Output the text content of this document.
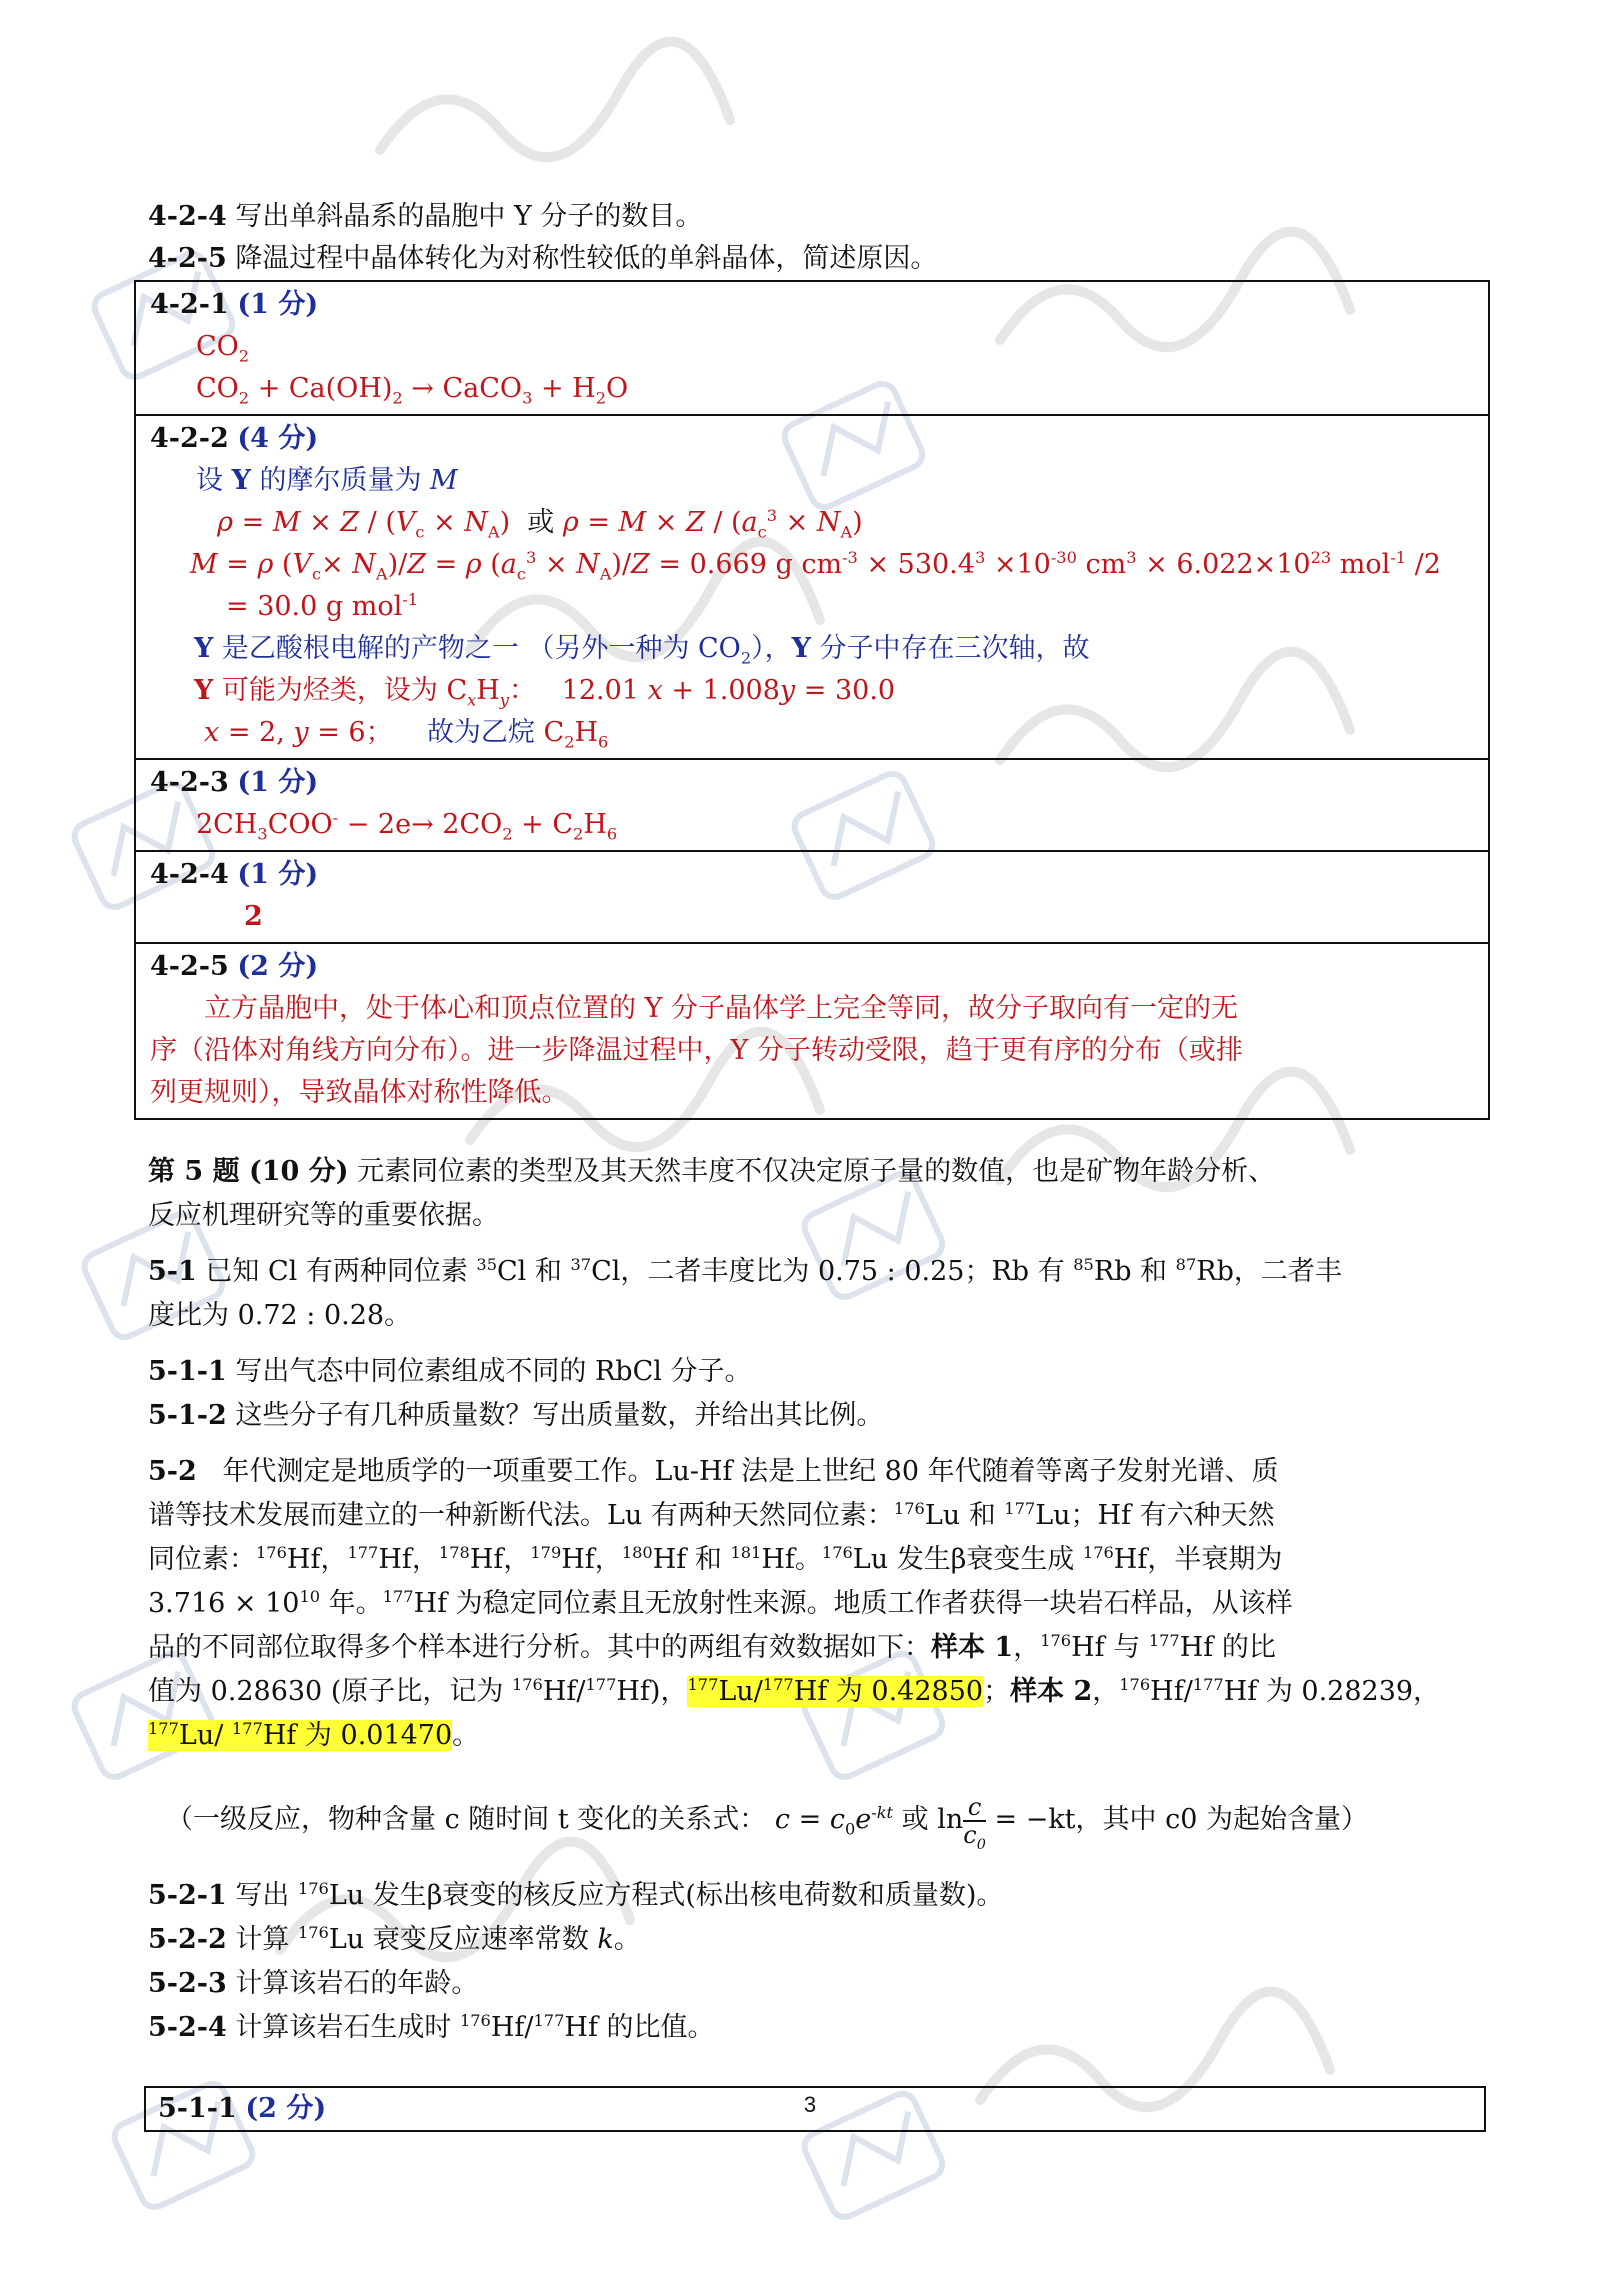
4-2-4 写出单斜晶系的晶胞中 Y 分子的数目。
4-2-5 降温过程中晶体转化为对称性较低的单斜晶体，简述原因。
4-2-1 (1 分)
$CO_2$
$CO_2 + Ca(OH)_2$ → CaCO$_3$ + $H_2O$
4-2-2 (4 分)
设 Y 的摩尔质量为 M
$\rho = M \times Z / (V_c \times N_A)$  或 $\rho = M \times Z / (a_c^3 \times N_A)$
M = ρ $(V_c\times N_A)/Z = \rho$ $(a_c^3 \times N_A)/Z = 0.669$ g $cm^{-3} \times 530.4^3 \times 10^{-30}$ $cm^3 \times 6.022\times 10^{23}$ mol$^{-1}$ /2
= 30.0 g mol$^{-1}$
Y 是乙酸根电解的产物之一 （另外一种为 $CO_2$），Y 分子中存在三次轴，故
Y 可能为烃类，设为 $C_xH_y$：   12.01 x + 1.008y = 30.0
x = 2, y = 6；    故为乙烷 $C_2H_6$
4-2-3 (1 分)
$2CH_3COO^- - 2e\to 2CO_2 + C_2H_6$
4-2-4 (1 分)
2
4-2-5 (2 分)
立方晶胞中，处于体心和顶点位置的 Y 分子晶体学上完全等同，故分子取向有一定的无
序（沿体对角线方向分布）。进一步降温过程中，Y 分子转动受限，趋于更有序的分布（或排
列更规则），导致晶体对称性降低。
第 5 题 (10 分) 元素同位素的类型及其天然丰度不仅决定原子量的数值，也是矿物年龄分析、
反应机理研究等的重要依据。
5-1 已知 Cl 有两种同位素 $^{35}$Cl 和 $^{37}$Cl，二者丰度比为 0.75 : 0.25；Rb 有 $^{85}$Rb 和 $^{87}$Rb，二者丰
度比为 0.72 : 0.28。
5-1-1 写出气态中同位素组成不同的 RbCl 分子。
5-1-2 这些分子有几种质量数？写出质量数，并给出其比例。
5-2   年代测定是地质学的一项重要工作。Lu-Hf 法是上世纪 80 年代随着等离子发射光谱、质
谱等技术发展而建立的一种新断代法。Lu 有两种天然同位素：$^{176}$Lu 和 $^{177}$Lu；Hf 有六种天然
同位素：$^{176}$Hf，$^{177}$Hf，$^{178}$Hf，$^{179}$Hf，$^{180}$Hf 和 $^{181}$Hf。$^{176}$Lu 发生β衰变生成 $^{176}$Hf，半衰期为
$3.716 \times 10^{10}$ 年。$^{177}$Hf 为稳定同位素且无放射性来源。地质工作者获得一块岩石样品，从该样
品的不同部位取得多个样本进行分析。其中的两组有效数据如下：样本 1，$^{176}$Hf 与 $^{177}$Hf 的比
值为 0.28630 (原子比，记为 $^{176}$Hf/$^{177}$Hf)，$^{177}$Lu/$^{177}$Hf 为 0.42850；样本 2，$^{176}$Hf/$^{177}$Hf 为 0.28239，
$^{177}$Lu/ $^{177}$Hf 为 0.01470。
（一级反应，物种含量 c 随时间 t 变化的关系式： $c = c_0e^{-kt}$ 或 $\ln \frac{c}{c_0} = -kt$，其中 c0 为起始含量）
5-2-1 写出 $^{176}$Lu 发生β衰变的核反应方程式(标出核电荷数和质量数)。
5-2-2 计算 $^{176}$Lu 衰变反应速率常数 k。
5-2-3 计算该岩石的年龄。
5-2-4 计算该岩石生成时 $^{176}$Hf/$^{177}$Hf 的比值。
5-1-1 (2 分)	3
